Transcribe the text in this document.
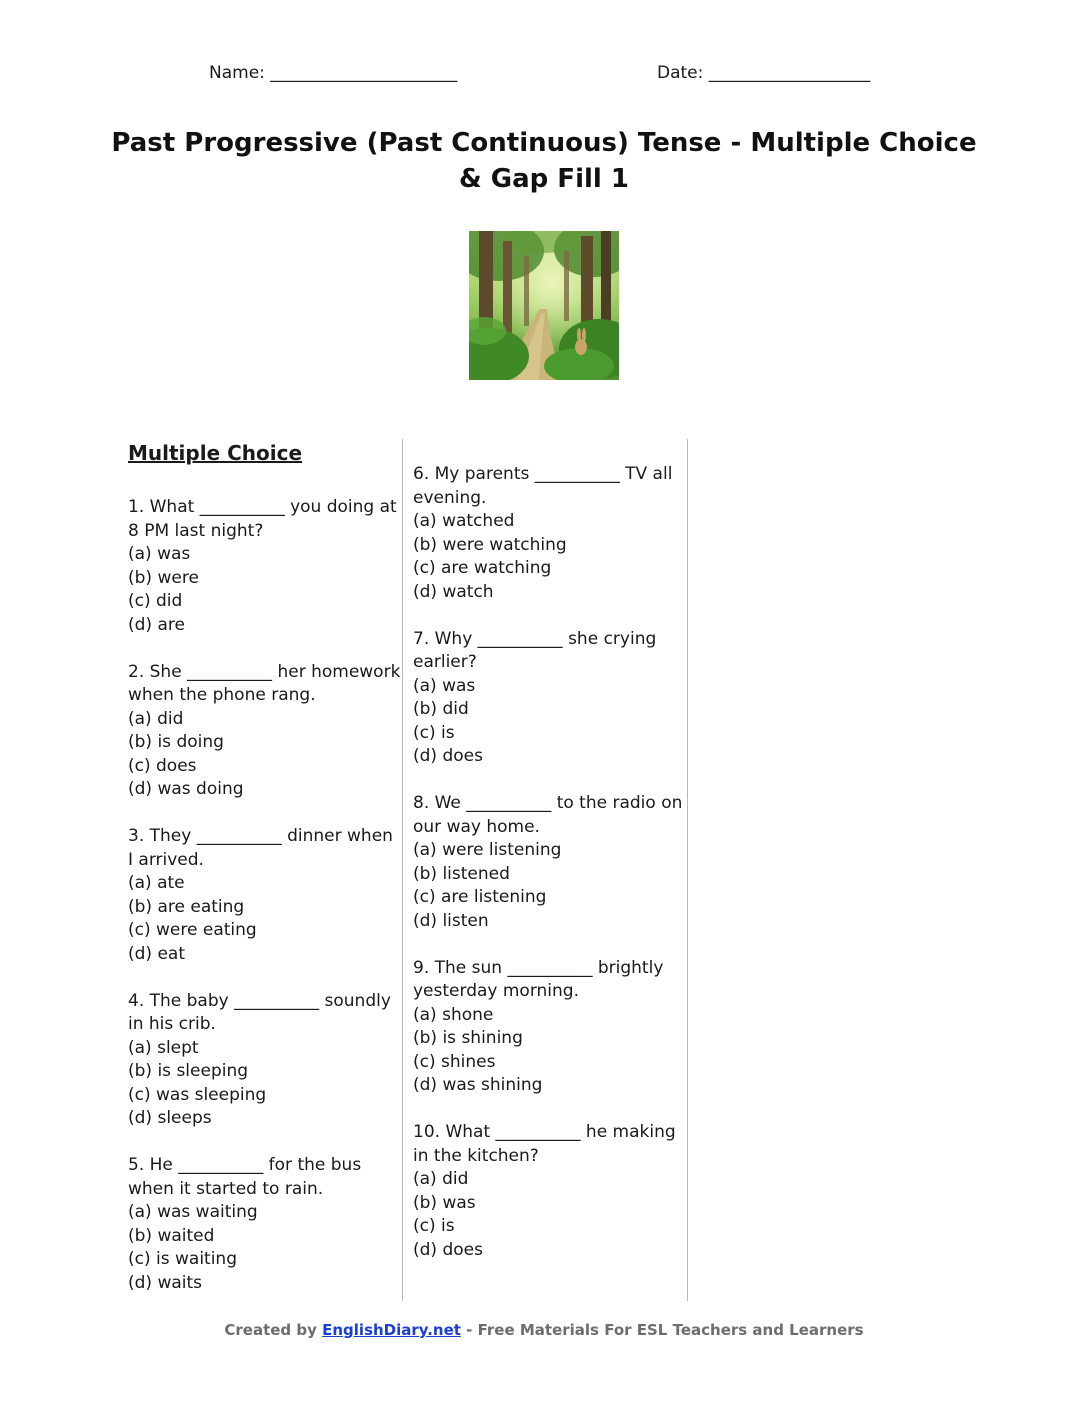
Name: ______________________	Date: ___________________
Past Progressive (Past Continuous) Tense - Multiple Choice & Gap Fill 1
Multiple Choice
1. What __________ you doing at
8 PM last night?
(a) was
(b) were
(c) did
(d) are
2. She __________ her homework
when the phone rang.
(a) did
(b) is doing
(c) does
(d) was doing
3. They __________ dinner when
I arrived.
(a) ate
(b) are eating
(c) were eating
(d) eat
4. The baby __________ soundly
in his crib.
(a) slept
(b) is sleeping
(c) was sleeping
(d) sleeps
5. He __________ for the bus
when it started to rain.
(a) was waiting
(b) waited
(c) is waiting
(d) waits
6. My parents __________ TV all
evening.
(a) watched
(b) were watching
(c) are watching
(d) watch
7. Why __________ she crying
earlier?
(a) was
(b) did
(c) is
(d) does
8. We __________ to the radio on
our way home.
(a) were listening
(b) listened
(c) are listening
(d) listen
9. The sun __________ brightly
yesterday morning.
(a) shone
(b) is shining
(c) shines
(d) was shining
10. What __________ he making
in the kitchen?
(a) did
(b) was
(c) is
(d) does
Created by EnglishDiary.net - Free Materials For ESL Teachers and Learners
